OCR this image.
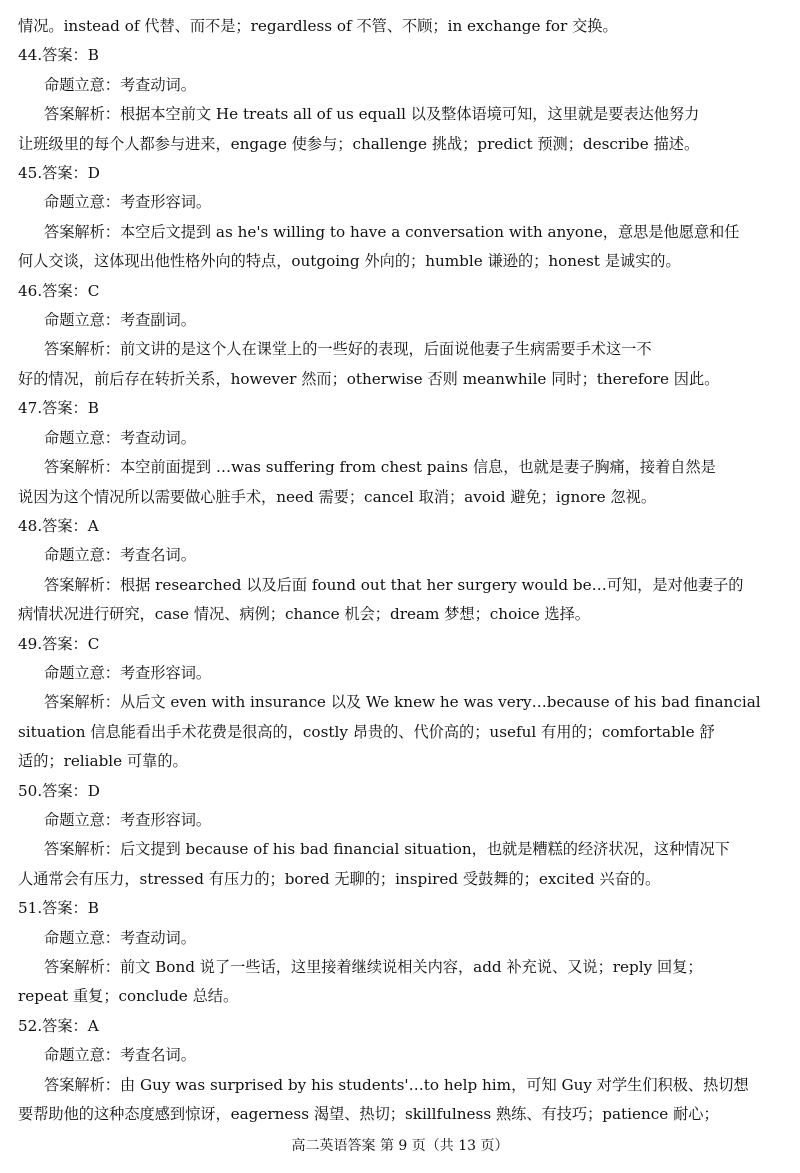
情况。instead of 代替、而不是；regardless of 不管、不顾；in exchange for 交换。
44.答案：B
命题立意：考查动词。
答案解析：根据本空前文 He treats all of us equall 以及整体语境可知，这里就是要表达他努力
让班级里的每个人都参与进来，engage 使参与；challenge 挑战；predict 预测；describe 描述。
45.答案：D
命题立意：考查形容词。
答案解析：本空后文提到 as he's willing to have a conversation with anyone，意思是他愿意和任
何人交谈，这体现出他性格外向的特点，outgoing 外向的；humble 谦逊的；honest 是诚实的。
46.答案：C
命题立意：考查副词。
答案解析：前文讲的是这个人在课堂上的一些好的表现，后面说他妻子生病需要手术这一不
好的情况，前后存在转折关系，however 然而；otherwise 否则 meanwhile 同时；therefore 因此。
47.答案：B
命题立意：考查动词。
答案解析：本空前面提到 …was suffering from chest pains 信息，也就是妻子胸痛，接着自然是
说因为这个情况所以需要做心脏手术，need 需要；cancel 取消；avoid 避免；ignore 忽视。
48.答案：A
命题立意：考查名词。
答案解析：根据 researched 以及后面 found out that her surgery would be…可知，是对他妻子的
病情状况进行研究，case 情况、病例；chance 机会；dream 梦想；choice 选择。
49.答案：C
命题立意：考查形容词。
答案解析：从后文 even with insurance 以及 We knew he was very…because of his bad financial
situation 信息能看出手术花费是很高的，costly 昂贵的、代价高的；useful 有用的；comfortable 舒
适的；reliable 可靠的。
50.答案：D
命题立意：考查形容词。
答案解析：后文提到 because of his bad financial situation，也就是糟糕的经济状况，这种情况下
人通常会有压力，stressed 有压力的；bored 无聊的；inspired 受鼓舞的；excited 兴奋的。
51.答案：B
命题立意：考查动词。
答案解析：前文 Bond 说了一些话，这里接着继续说相关内容，add 补充说、又说；reply 回复；
repeat 重复；conclude 总结。
52.答案：A
命题立意：考查名词。
答案解析：由 Guy was surprised by his students'…to help him，可知 Guy 对学生们积极、热切想
要帮助他的这种态度感到惊讶，eagerness 渴望、热切；skillfulness 熟练、有技巧；patience 耐心；
高二英语答案 第 9 页（共 13 页）
